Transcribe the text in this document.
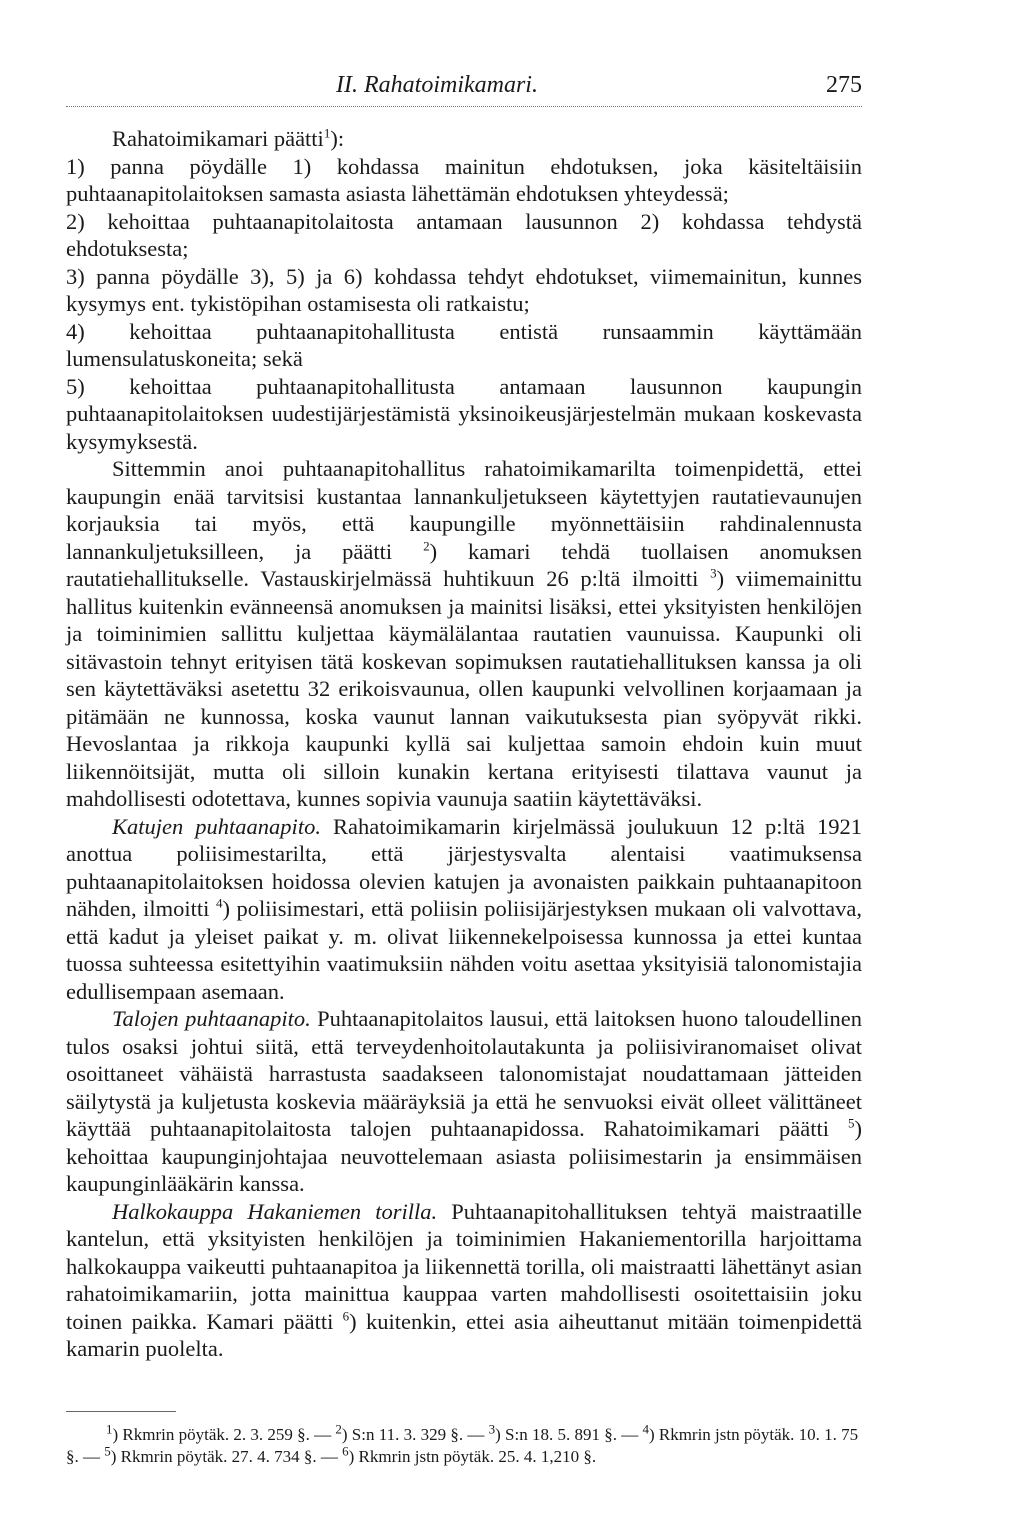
II. Rahatoimikamari.	275

Rahatoimikamari päätti$^1$):

1) panna pöydälle 1) kohdassa mainitun ehdotuksen, joka käsiteltäisiin puhtaanapitolaitoksen samasta asiasta lähettämän ehdotuksen yhteydessä;

2) kehoittaa puhtaanapitolaitosta antamaan lausunnon 2) kohdassa tehdystä ehdotuksesta;

3) panna pöydälle 3), 5) ja 6) kohdassa tehdyt ehdotukset, viimemainitun, kunnes kysymys ent. tykistöpihan ostamisesta oli ratkaistu;

4) kehoittaa puhtaanapitohallitusta entistä runsaammin käyttämään lumensulatuskoneita; sekä

5) kehoittaa puhtaanapitohallitusta antamaan lausunnon kaupungin puhtaanapitolaitoksen uudestijärjestämistä yksinoikeusjärjestelmän mukaan koskevasta kysymyksestä.

Sittemmin anoi puhtaanapitohallitus rahatoimikamarilta toimenpidettä, ettei kaupungin enää tarvitsisi kustantaa lannankuljetukseen käytettyjen rautatievaunujen korjauksia tai myös, että kaupungille myönnettäisiin rahdinalennusta lannankuljetuksilleen, ja päätti $^2$) kamari tehdä tuollaisen anomuksen rautatiehallitukselle. Vastauskirjelmässä huhtikuun 26 p:ltä ilmoitti $^3$) viimemainittu hallitus kuitenkin evänneensä anomuksen ja mainitsi lisäksi, ettei yksityisten henkilöjen ja toiminimien sallittu kuljettaa käymälälantaa rautatien vaunuissa. Kaupunki oli sitävastoin tehnyt erityisen tätä koskevan sopimuksen rautatiehallituksen kanssa ja oli sen käytettäväksi asetettu 32 erikoisvaunua, ollen kaupunki velvollinen korjaamaan ja pitämään ne kunnossa, koska vaunut lannan vaikutuksesta pian syöpyvät rikki. Hevoslantaa ja rikkoja kaupunki kyllä sai kuljettaa samoin ehdoin kuin muut liikennöitsijät, mutta oli silloin kunakin kertana erityisesti tilattava vaunut ja mahdollisesti odotettava, kunnes sopivia vaunuja saatiin käytettäväksi.

Katujen puhtaanapito. Rahatoimikamarin kirjelmässä joulukuun 12 p:ltä 1921 anottua poliisimestarilta, että järjestysvalta alentaisi vaatimuksensa puhtaanapitolaitoksen hoidossa olevien katujen ja avonaisten paikkain puhtaanapitoon nähden, ilmoitti $^4$) poliisimestari, että poliisin poliisijärjestyksen mukaan oli valvottava, että kadut ja yleiset paikat y. m. olivat liikennekelpoisessa kunnossa ja ettei kuntaa tuossa suhteessa esitettyihin vaatimuksiin nähden voitu asettaa yksityisiä talonomistajia edullisempaan asemaan.

Talojen puhtaanapito. Puhtaanapitolaitos lausui, että laitoksen huono taloudellinen tulos osaksi johtui siitä, että terveydenhoitolautakunta ja poliisiviranomaiset olivat osoittaneet vähäistä harrastusta saadakseen talonomistajat noudattamaan jätteiden säilytystä ja kuljetusta koskevia määräyksiä ja että he senvuoksi eivät olleet välittäneet käyttää puhtaanapitolaitosta talojen puhtaanapidossa. Rahatoimikamari päätti $^5$) kehoittaa kaupunginjohtajaa neuvottelemaan asiasta poliisimestarin ja ensimmäisen kaupunginlääkärin kanssa.

Halkokauppa Hakaniemen torilla. Puhtaanapitohallituksen tehtyä maistraatille kantelun, että yksityisten henkilöjen ja toiminimien Hakaniementorilla harjoittama halkokauppa vaikeutti puhtaanapitoa ja liikennettä torilla, oli maistraatti lähettänyt asian rahatoimikamariin, jotta mainittua kauppaa varten mahdollisesti osoitettaisiin joku toinen paikka. Kamari päätti $^6$) kuitenkin, ettei asia aiheuttanut mitään toimenpidettä kamarin puolelta.

$^1$) Rkmrin pöytäk. 2. 3. 259 §. — $^2$) S:n 11. 3. 329 §. — $^3$) S:n 18. 5. 891 §. — $^4$) Rkmrin jstn pöytäk. 10. 1. 75 §. — $^5$) Rkmrin pöytäk. 27. 4. 734 §. — $^6$) Rkmrin jstn pöytäk. 25. 4. 1,210 §.
